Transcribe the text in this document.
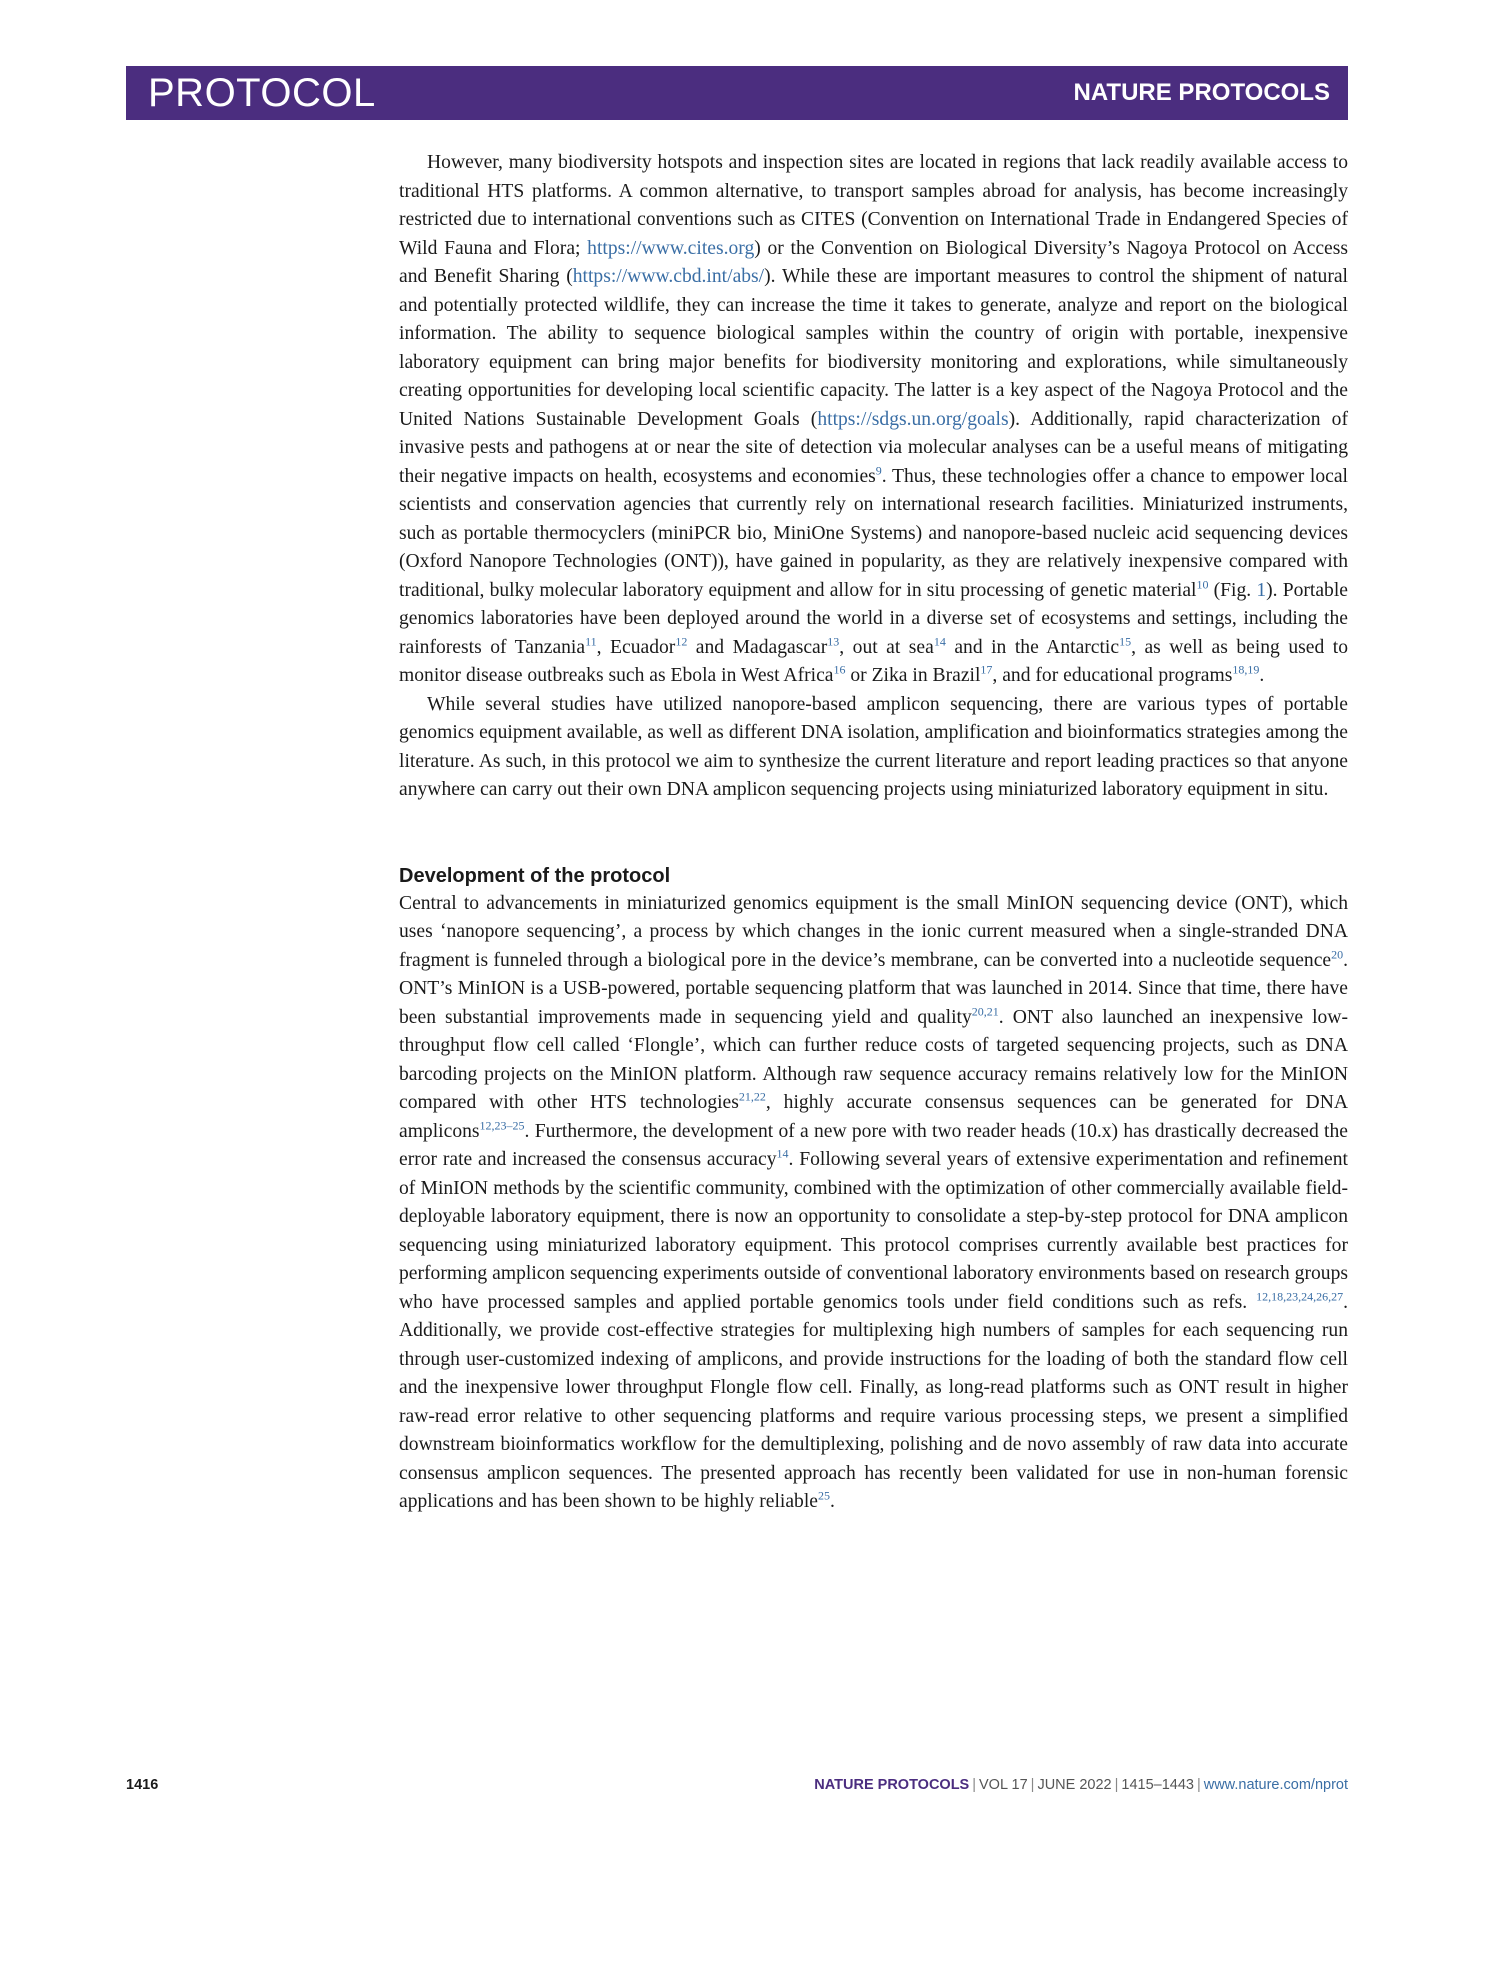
PROTOCOL	NATURE PROTOCOLS

However, many biodiversity hotspots and inspection sites are located in regions that lack readily available access to traditional HTS platforms. A common alternative, to transport samples abroad for analysis, has become increasingly restricted due to international conventions such as CITES (Convention on International Trade in Endangered Species of Wild Fauna and Flora; https://www.cites.org) or the Convention on Biological Diversity’s Nagoya Protocol on Access and Benefit Sharing (https://www.cbd.int/abs/). While these are important measures to control the shipment of natural and potentially protected wildlife, they can increase the time it takes to generate, analyze and report on the biological information. The ability to sequence biological samples within the country of origin with portable, inexpensive laboratory equipment can bring major benefits for biodiversity monitoring and explorations, while simultaneously creating opportunities for developing local scientific capacity. The latter is a key aspect of the Nagoya Protocol and the United Nations Sustainable Development Goals (https://sdgs.un.org/goals). Additionally, rapid characterization of invasive pests and pathogens at or near the site of detection via molecular analyses can be a useful means of mitigating their negative impacts on health, ecosystems and economies$^9$. Thus, these technologies offer a chance to empower local scientists and conservation agencies that currently rely on international research facilities. Miniaturized instruments, such as portable thermocyclers (miniPCR bio, MiniOne Systems) and nanopore-based nucleic acid sequencing devices (Oxford Nanopore Technologies (ONT)), have gained in popularity, as they are relatively inexpensive compared with traditional, bulky molecular laboratory equipment and allow for in situ processing of genetic material$^{10}$ (Fig. 1). Portable genomics laboratories have been deployed around the world in a diverse set of ecosystems and settings, including the rainforests of Tanzania$^{11}$, Ecuador$^{12}$ and Madagascar$^{13}$, out at sea$^{14}$ and in the Antarctic$^{15}$, as well as being used to monitor disease outbreaks such as Ebola in West Africa$^{16}$ or Zika in Brazil$^{17}$, and for educational programs$^{18,19}$.

While several studies have utilized nanopore-based amplicon sequencing, there are various types of portable genomics equipment available, as well as different DNA isolation, amplification and bioinformatics strategies among the literature. As such, in this protocol we aim to synthesize the current literature and report leading practices so that anyone anywhere can carry out their own DNA amplicon sequencing projects using miniaturized laboratory equipment in situ.

Development of the protocol

Central to advancements in miniaturized genomics equipment is the small MinION sequencing device (ONT), which uses ‘nanopore sequencing’, a process by which changes in the ionic current measured when a single-stranded DNA fragment is funneled through a biological pore in the device’s membrane, can be converted into a nucleotide sequence$^{20}$. ONT’s MinION is a USB-powered, portable sequencing platform that was launched in 2014. Since that time, there have been substantial improvements made in sequencing yield and quality$^{20,21}$. ONT also launched an inexpensive low-throughput flow cell called ‘Flongle’, which can further reduce costs of targeted sequencing projects, such as DNA barcoding projects on the MinION platform. Although raw sequence accuracy remains relatively low for the MinION compared with other HTS technologies$^{21,22}$, highly accurate consensus sequences can be generated for DNA amplicons$^{12,23-25}$. Furthermore, the development of a new pore with two reader heads (10.x) has drastically decreased the error rate and increased the consensus accuracy$^{14}$. Following several years of extensive experimentation and refinement of MinION methods by the scientific community, combined with the optimization of other commercially available field-deployable laboratory equipment, there is now an opportunity to consolidate a step-by-step protocol for DNA amplicon sequencing using miniaturized laboratory equipment. This protocol comprises currently available best practices for performing amplicon sequencing experiments outside of conventional laboratory environments based on research groups who have processed samples and applied portable genomics tools under field conditions such as refs. $^{12,18,23,24,26,27}$. Additionally, we provide cost-effective strategies for multiplexing high numbers of samples for each sequencing run through user-customized indexing of amplicons, and provide instructions for the loading of both the standard flow cell and the inexpensive lower throughput Flongle flow cell. Finally, as long-read platforms such as ONT result in higher raw-read error relative to other sequencing platforms and require various processing steps, we present a simplified downstream bioinformatics workflow for the demultiplexing, polishing and de novo assembly of raw data into accurate consensus amplicon sequences. The presented approach has recently been validated for use in non-human forensic applications and has been shown to be highly reliable$^{25}$.

1416	NATURE PROTOCOLS | VOL 17 | JUNE 2022 | 1415–1443 | www.nature.com/nprot
